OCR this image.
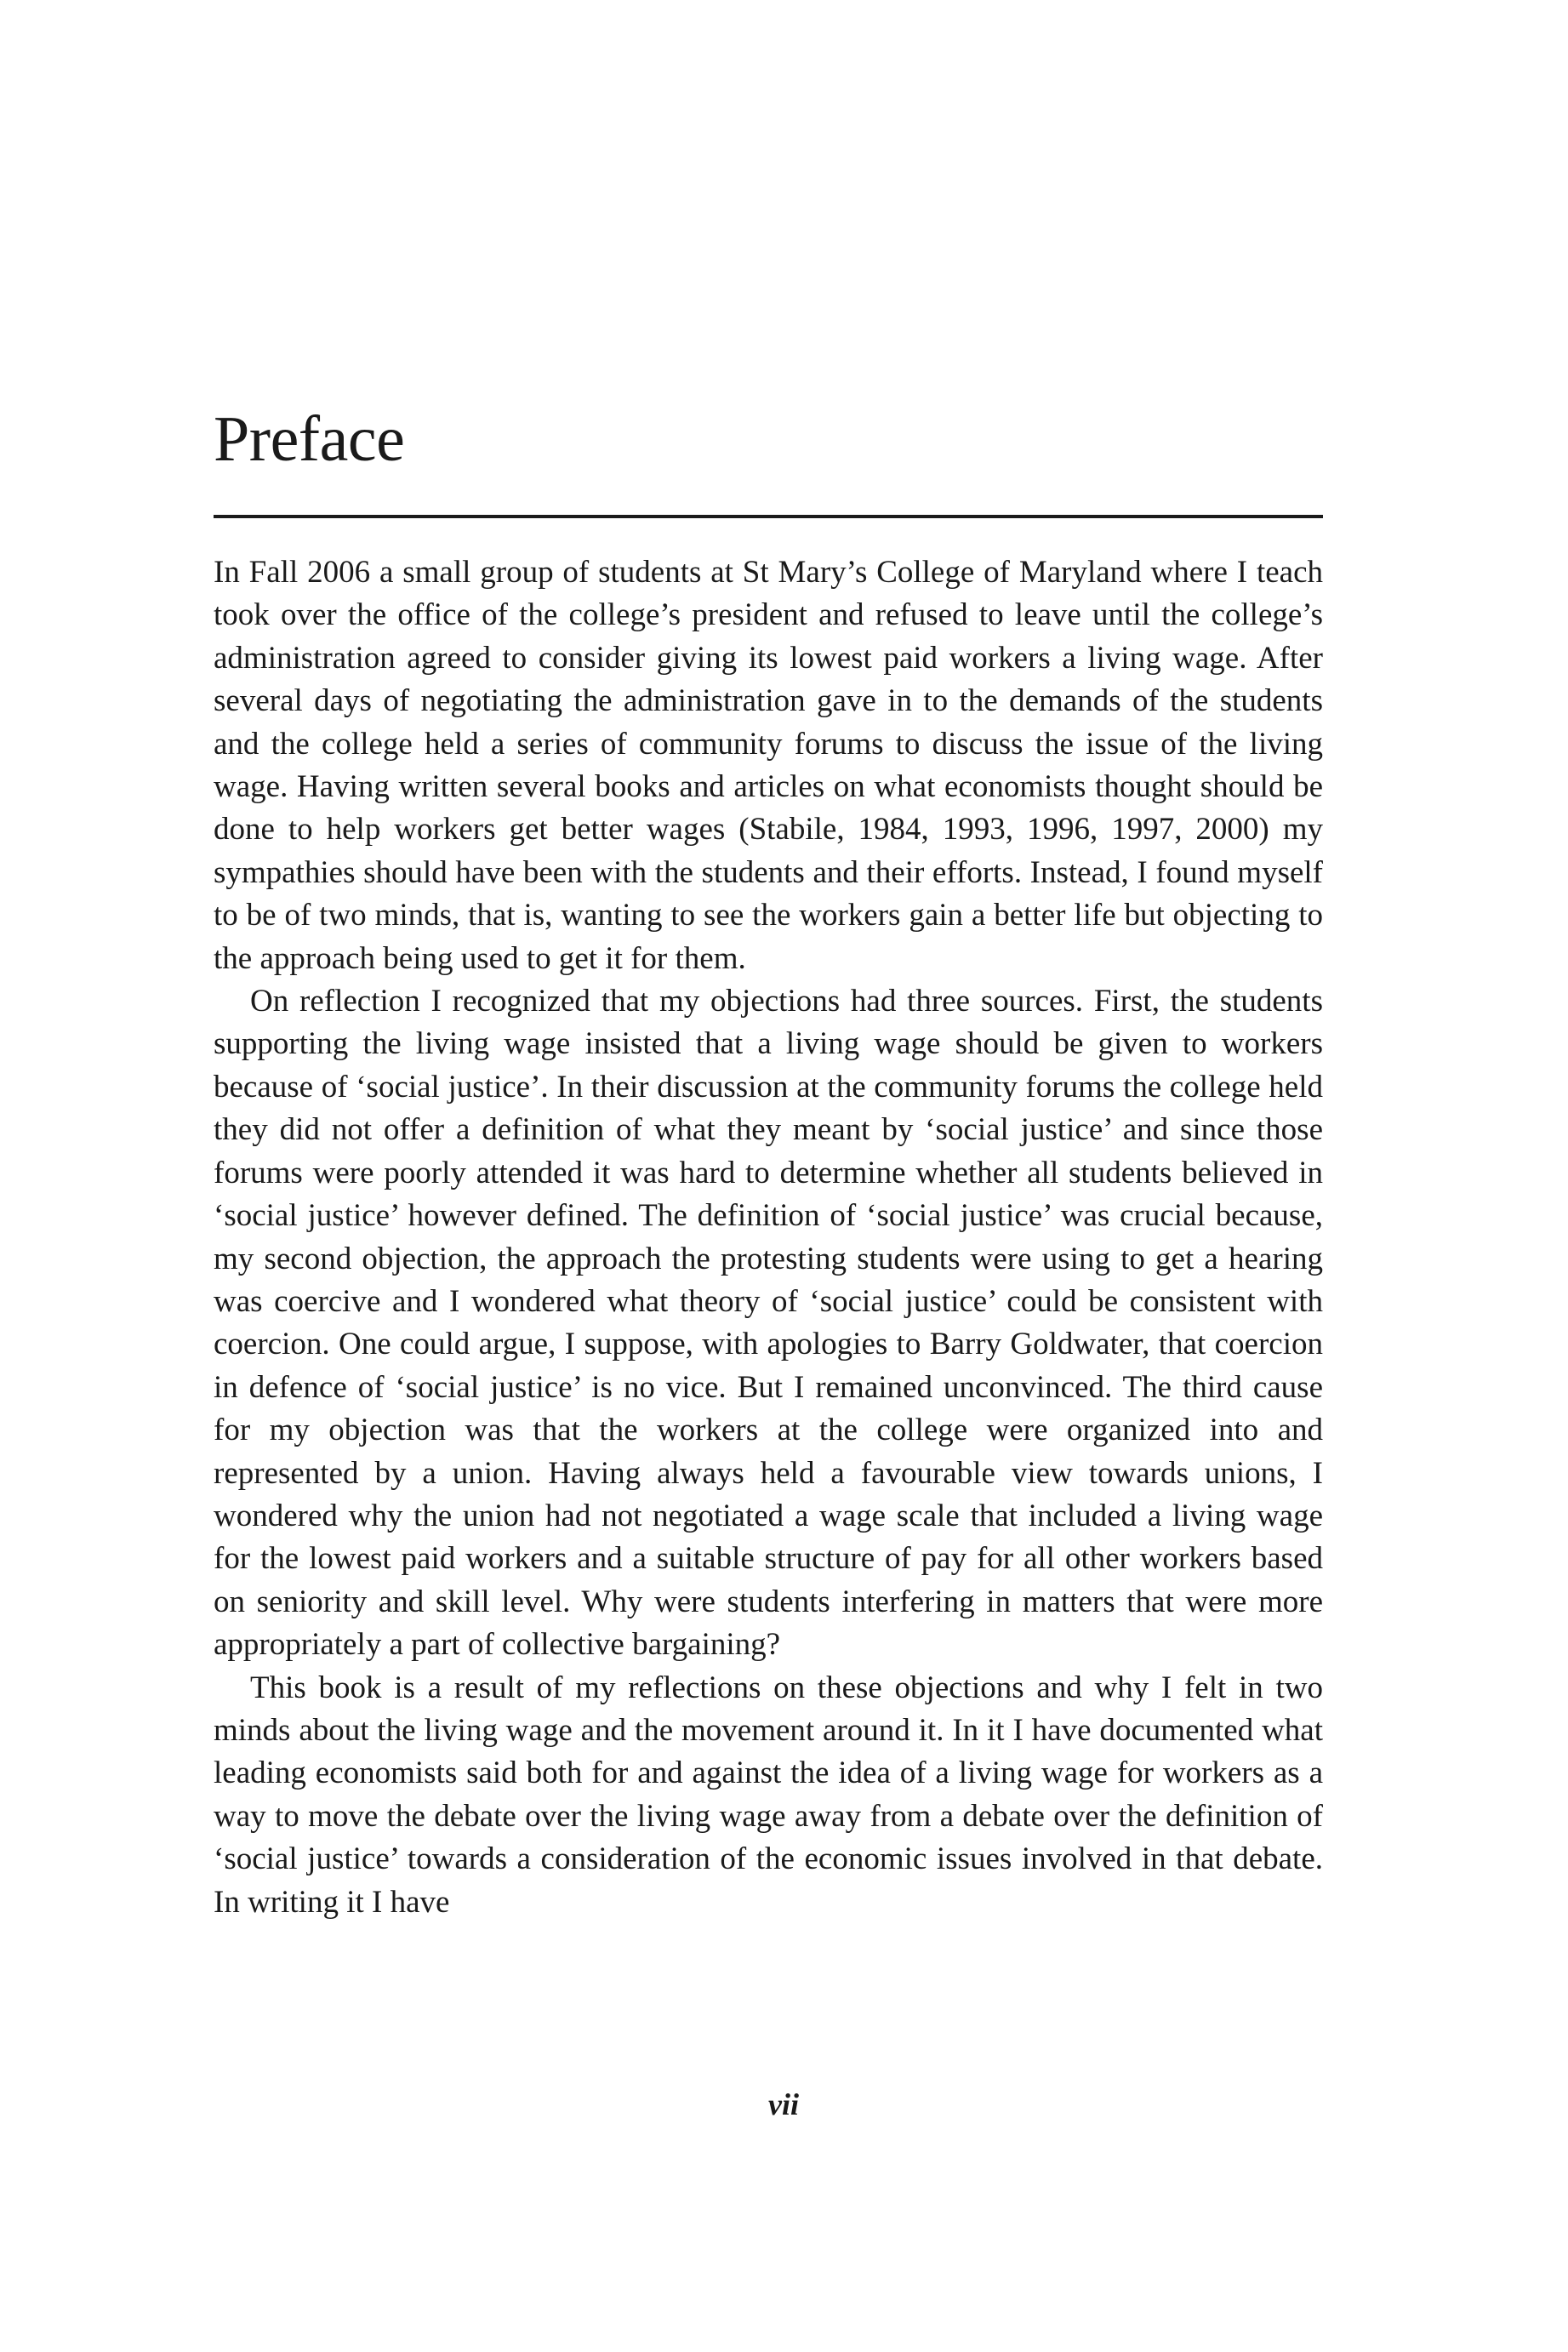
Preface

In Fall 2006 a small group of students at St Mary’s College of Maryland where I teach took over the office of the college’s president and refused to leave until the college’s administration agreed to consider giving its lowest paid workers a living wage. After several days of negotiating the administration gave in to the demands of the students and the college held a series of community forums to discuss the issue of the living wage. Having written several books and articles on what economists thought should be done to help workers get better wages (Stabile, 1984, 1993, 1996, 1997, 2000) my sympathies should have been with the students and their efforts. Instead, I found myself to be of two minds, that is, wanting to see the workers gain a better life but objecting to the approach being used to get it for them.

On reflection I recognized that my objections had three sources. First, the students supporting the living wage insisted that a living wage should be given to workers because of ‘social justice’. In their discussion at the community forums the college held they did not offer a definition of what they meant by ‘social justice’ and since those forums were poorly attended it was hard to determine whether all students believed in ‘social justice’ however defined. The definition of ‘social justice’ was crucial because, my second objection, the approach the protesting students were using to get a hearing was coercive and I wondered what theory of ‘social justice’ could be consistent with coercion. One could argue, I suppose, with apologies to Barry Goldwater, that coercion in defence of ‘social justice’ is no vice. But I remained unconvinced. The third cause for my objection was that the workers at the college were organized into and represented by a union. Having always held a favourable view towards unions, I wondered why the union had not negotiated a wage scale that included a living wage for the lowest paid workers and a suitable structure of pay for all other workers based on seniority and skill level. Why were students interfering in matters that were more appropriately a part of collective bargaining?

This book is a result of my reflections on these objections and why I felt in two minds about the living wage and the movement around it. In it I have documented what leading economists said both for and against the idea of a living wage for workers as a way to move the debate over the living wage away from a debate over the definition of ‘social justice’ towards a consideration of the economic issues involved in that debate. In writing it I have

vii
